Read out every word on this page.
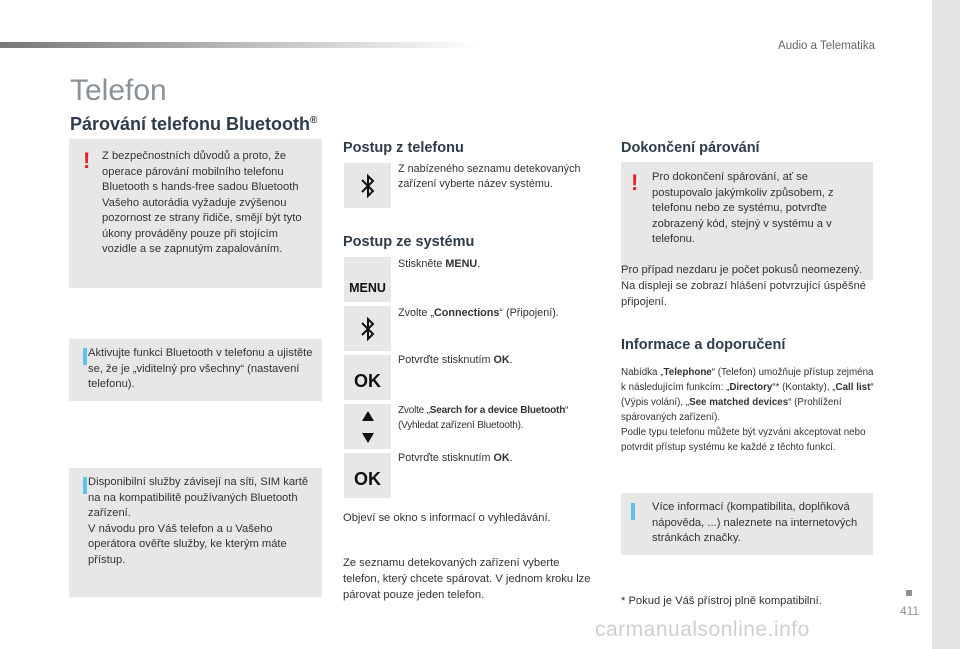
Audio a Telematika
Telefon
Párování telefonu Bluetooth®
! Z bezpečnostních důvodů a proto, že operace párování mobilního telefonu Bluetooth s hands-free sadou Bluetooth Vašeho autorádia vyžaduje zvýšenou pozornost ze strany řidiče, smějí být tyto úkony prováděny pouze při stojícím vozidle a se zapnutým zapalováním.
Aktivujte funkci Bluetooth v telefonu a ujistěte se, že je „viditelný pro všechny“ (nastavení telefonu).
Disponibilní služby závisejí na síti, SIM kartě na na kompatibilitě používaných Bluetooth zařízení.
V návodu pro Váš telefon a u Vašeho operátora ověřte služby, ke kterým máte přístup.
Postup z telefonu
Z nabízeného seznamu detekovaných zařízení vyberte název systému.
Postup ze systému
MENU
Stiskněte MENU.
Zvolte „Connections“ (Připojení).
OK
Potvrďte stisknutím OK.
Zvolte „Search for a device Bluetooth“ (Vyhledat zařízení Bluetooth).
OK
Potvrďte stisknutím OK.
Objeví se okno s informací o vyhledávání.
Ze seznamu detekovaných zařízení vyberte telefon, který chcete spárovat. V jednom kroku lze párovat pouze jeden telefon.
Dokončení párování
! Pro dokončení spárování, ať se postupovalo jakýmkoliv způsobem, z telefonu nebo ze systému, potvrďte zobrazený kód, stejný v systému a v telefonu.
Pro případ nezdaru je počet pokusů neomezený.
Na displeji se zobrazí hlášení potvrzující úspěšné připojení.
Informace a doporučení
Nabídka „Telephone“ (Telefon) umožňuje přístup zejména k následujícím funkcím: „Directory“* (Kontakty), „Call list“ (Výpis volání), „See matched devices“ (Prohlížení spárovaných zařízení).
Podle typu telefonu můžete být vyzváni akceptovat nebo potvrdit přístup systému ke každé z těchto funkcí.
Více informací (kompatibilita, doplňková nápověda, ...) naleznete na internetových stránkách značky.
* Pokud je Váš přístroj plně kompatibilní.
411
carmanualsonline.info
